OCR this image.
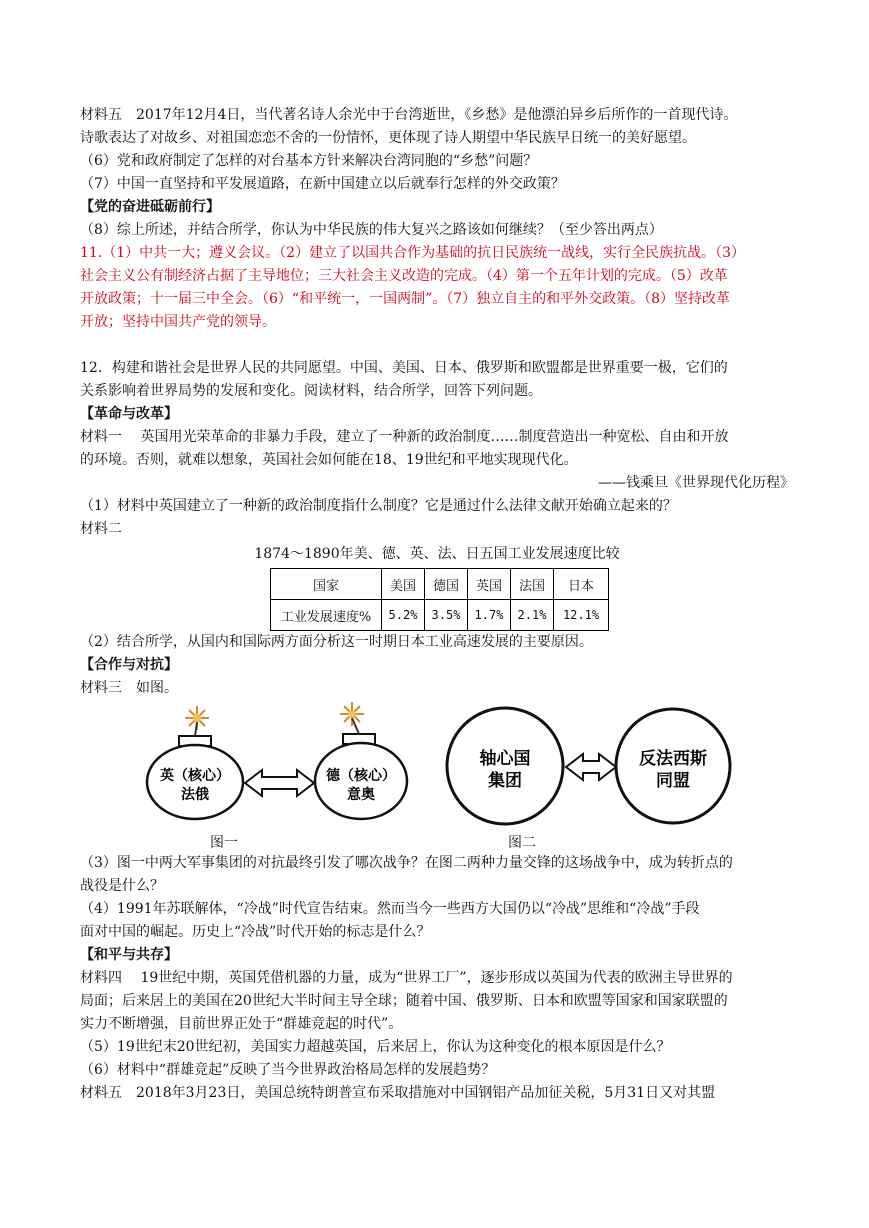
材料五　2017年12月4日，当代著名诗人余光中于台湾逝世，《乡愁》是他漂泊异乡后所作的一首现代诗。

诗歌表达了对故乡、对祖国恋恋不舍的一份情怀，更体现了诗人期望中华民族早日统一的美好愿望。

（6）党和政府制定了怎样的对台基本方针来解决台湾同胞的“乡愁”问题？

（7）中国一直坚持和平发展道路，在新中国建立以后就奉行怎样的外交政策？

【党的奋进砥砺前行】

（8）综上所述，并结合所学，你认为中华民族的伟大复兴之路该如何继续？（至少答出两点）

11.（1）中共一大；遵义会议。（2）建立了以国共合作为基础的抗日民族统一战线，实行全民族抗战。（3）

社会主义公有制经济占据了主导地位；三大社会主义改造的完成。（4）第一个五年计划的完成。（5）改革

开放政策；十一届三中全会。（6）“和平统一，一国两制”。（7）独立自主的和平外交政策。（8）坚持改革

开放；坚持中国共产党的领导。

12．构建和谐社会是世界人民的共同愿望。中国、美国、日本、俄罗斯和欧盟都是世界重要一极，它们的

关系影响着世界局势的发展和变化。阅读材料，结合所学，回答下列问题。

【革命与改革】

材料一　 英国用光荣革命的非暴力手段，建立了一种新的政治制度……制度营造出一种宽松、自由和开放

的环境。否则，就难以想象，英国社会如何能在18、19世纪和平地实现现代化。

——钱乘旦《世界现代化历程》

（1）材料中英国建立了一种新的政治制度指什么制度？它是通过什么法律文献开始确立起来的？

材料二

1874～1890年美、德、英、法、日五国工业发展速度比较
国家	美国	德国	英国	法国	日本
工业发展速度%	5.2%	3.5%	1.7%	2.1%	12.1%

（2）结合所学，从国内和国际两方面分析这一时期日本工业高速发展的主要原因。

【合作与对抗】

材料三　如图。

英（核心）
法俄
德（核心）
意奥
轴心国
集团
反法西斯
同盟
图一	图二

（3）图一中两大军事集团的对抗最终引发了哪次战争？在图二两种力量交锋的这场战争中，成为转折点的

战役是什么？

（4）1991年苏联解体，“冷战”时代宣告结束。然而当今一些西方大国仍以“冷战”思维和“冷战”手段

面对中国的崛起。历史上“冷战”时代开始的标志是什么？

【和平与共存】

材料四　 19世纪中期，英国凭借机器的力量，成为“世界工厂”，逐步形成以英国为代表的欧洲主导世界的

局面；后来居上的美国在20世纪大半时间主导全球；随着中国、俄罗斯、日本和欧盟等国家和国家联盟的

实力不断增强，目前世界正处于“群雄竞起的时代”。

（5）19世纪末20世纪初，美国实力超越英国，后来居上，你认为这种变化的根本原因是什么？

（6）材料中“群雄竞起”反映了当今世界政治格局怎样的发展趋势？

材料五　2018年3月23日，美国总统特朗普宣布采取措施对中国钢铝产品加征关税，5月31日又对其盟
